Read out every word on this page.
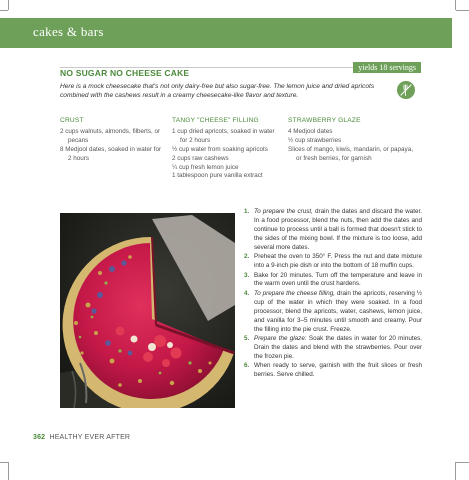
cakes & bars
yields 18 servings
NO SUGAR NO CHEESE CAKE
Here is a mock cheesecake that's not only dairy-free but also sugar-free. The lemon juice and dried apricots combined with the cashews result in a creamy cheesecake-like flavor and texture.
CRUST
2 cups walnuts, almonds, filberts, or pecans
8 Medjool dates, soaked in water for 2 hours
TANGY "CHEESE" FILLING
1 cup dried apricots, soaked in water for 2 hours
½ cup water from soaking apricots
2 cups raw cashews
¼ cup fresh lemon juice
1 tablespoon pure vanilla extract
STRAWBERRY GLAZE
4 Medjool dates
½ cup strawberries
Slices of mango, kiwis, mandarin, or papaya, or fresh berries, for garnish
1. To prepare the crust, drain the dates and discard the water. In a food processor, blend the nuts, then add the dates and continue to process until a ball is formed that doesn't stick to the sides of the mixing bowl. If the mixture is too loose, add several more dates.
2. Preheat the oven to 350° F. Press the nut and date mixture into a 9-inch pie dish or into the bottom of 18 muffin cups.
3. Bake for 20 minutes. Turn off the temperature and leave in the warm oven until the crust hardens.
4. To prepare the cheese filling, drain the apricots, reserving ½ cup of the water in which they were soaked. In a food processor, blend the apricots, water, cashews, lemon juice, and vanilla for 3–5 minutes until smooth and creamy. Pour the filling into the pie crust. Freeze.
5. Prepare the glaze: Soak the dates in water for 20 minutes. Drain the dates and blend with the strawberries. Pour over the frozen pie.
6. When ready to serve, garnish with the fruit slices or fresh berries. Serve chilled.
362 HEALTHY EVER AFTER
